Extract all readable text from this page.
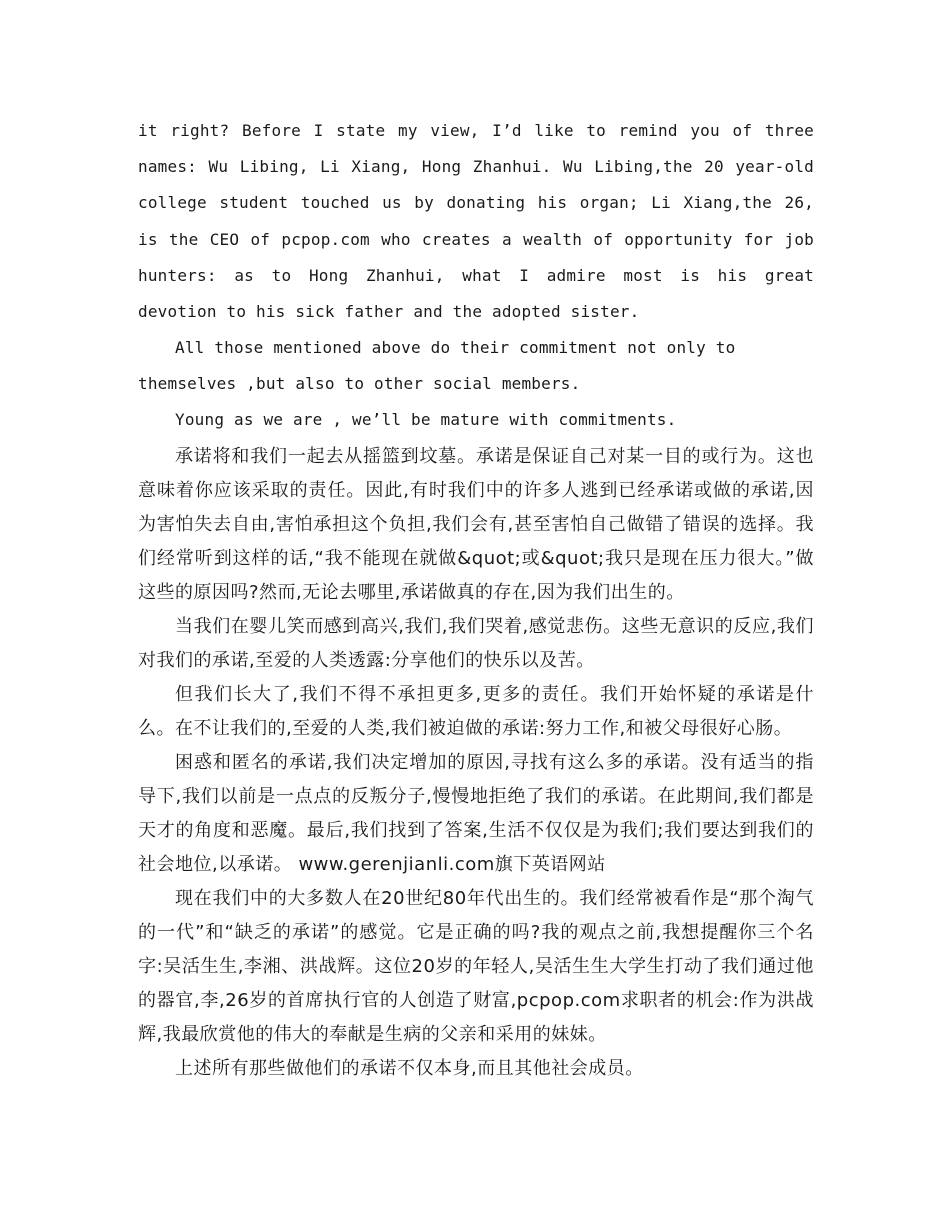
it right? Before I state my view, I’d like to remind you of three names: Wu Libing, Li Xiang, Hong Zhanhui. Wu Libing,the 20 year-old college student touched us by donating his organ; Li Xiang,the 26, is the CEO of pcpop.com who creates a wealth of opportunity for job hunters: as to Hong Zhanhui, what I admire most is his great devotion to his sick father and the adopted sister.

All those mentioned above do their commitment not only to themselves ,but also to other social members.

Young as we are , we’ll be mature with commitments.

承诺将和我们一起去从摇篮到坟墓。承诺是保证自己对某一目的或行为。这也意味着你应该采取的责任。因此,有时我们中的许多人逃到已经承诺或做的承诺,因为害怕失去自由,害怕承担这个负担,我们会有,甚至害怕自己做错了错误的选择。我们经常听到这样的话,“我不能现在就做&quot;或&quot;我只是现在压力很大。”做这些的原因吗?然而,无论去哪里,承诺做真的存在,因为我们出生的。

当我们在婴儿笑而感到高兴,我们,我们哭着,感觉悲伤。这些无意识的反应,我们对我们的承诺,至爱的人类透露:分享他们的快乐以及苦。

但我们长大了,我们不得不承担更多,更多的责任。我们开始怀疑的承诺是什么。在不让我们的,至爱的人类,我们被迫做的承诺:努力工作,和被父母很好心肠。

困惑和匿名的承诺,我们决定增加的原因,寻找有这么多的承诺。没有适当的指导下,我们以前是一点点的反叛分子,慢慢地拒绝了我们的承诺。在此期间,我们都是天才的角度和恶魔。最后,我们找到了答案,生活不仅仅是为我们;我们要达到我们的社会地位,以承诺。 www.gerenjianli.com旗下英语网站

现在我们中的大多数人在20世纪80年代出生的。我们经常被看作是“那个淘气的一代”和“缺乏的承诺”的感觉。它是正确的吗?我的观点之前,我想提醒你三个名字:吴活生生,李湘、洪战辉。这位20岁的年轻人,吴活生生大学生打动了我们通过他的器官,李,26岁的首席执行官的人创造了财富,pcpop.com求职者的机会:作为洪战辉,我最欣赏他的伟大的奉献是生病的父亲和采用的妹妹。

上述所有那些做他们的承诺不仅本身,而且其他社会成员。
